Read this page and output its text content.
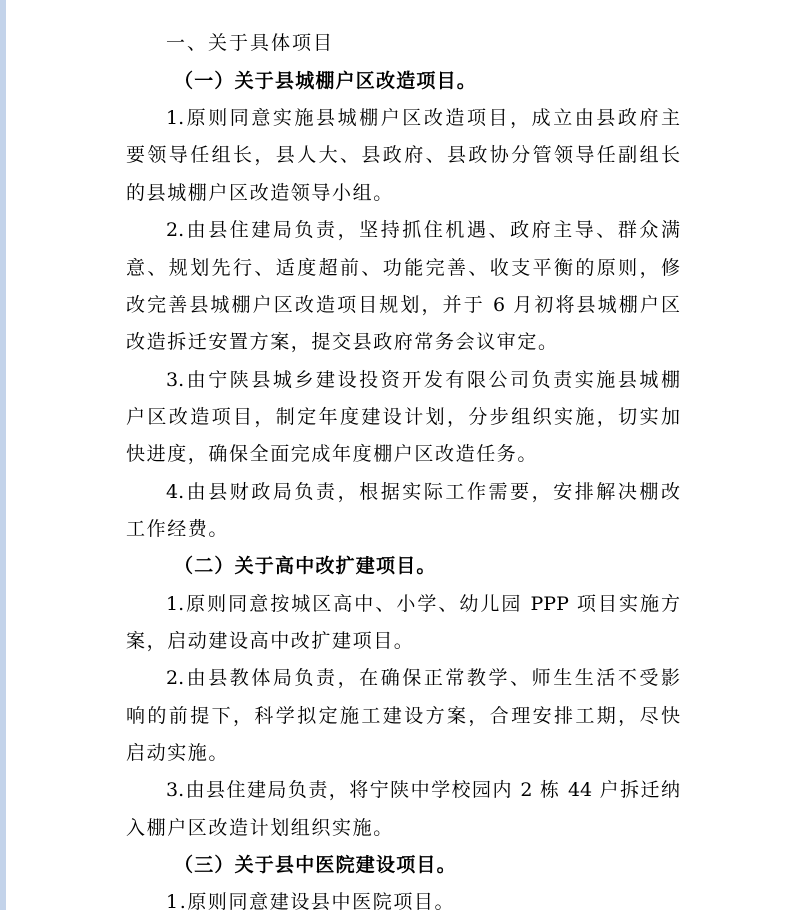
一、关于具体项目
（一）关于县城棚户区改造项目。
1.原则同意实施县城棚户区改造项目，成立由县政府主
要领导任组长，县人大、县政府、县政协分管领导任副组长
的县城棚户区改造领导小组。
2.由县住建局负责，坚持抓住机遇、政府主导、群众满
意、规划先行、适度超前、功能完善、收支平衡的原则，修
改完善县城棚户区改造项目规划，并于 6 月初将县城棚户区
改造拆迁安置方案，提交县政府常务会议审定。
3.由宁陕县城乡建设投资开发有限公司负责实施县城棚
户区改造项目，制定年度建设计划，分步组织实施，切实加
快进度，确保全面完成年度棚户区改造任务。
4.由县财政局负责，根据实际工作需要，安排解决棚改
工作经费。
（二）关于高中改扩建项目。
1.原则同意按城区高中、小学、幼儿园 PPP 项目实施方
案，启动建设高中改扩建项目。
2.由县教体局负责，在确保正常教学、师生生活不受影
响的前提下，科学拟定施工建设方案，合理安排工期，尽快
启动实施。
3.由县住建局负责，将宁陕中学校园内 2 栋 44 户拆迁纳
入棚户区改造计划组织实施。
（三）关于县中医院建设项目。
1.原则同意建设县中医院项目。
